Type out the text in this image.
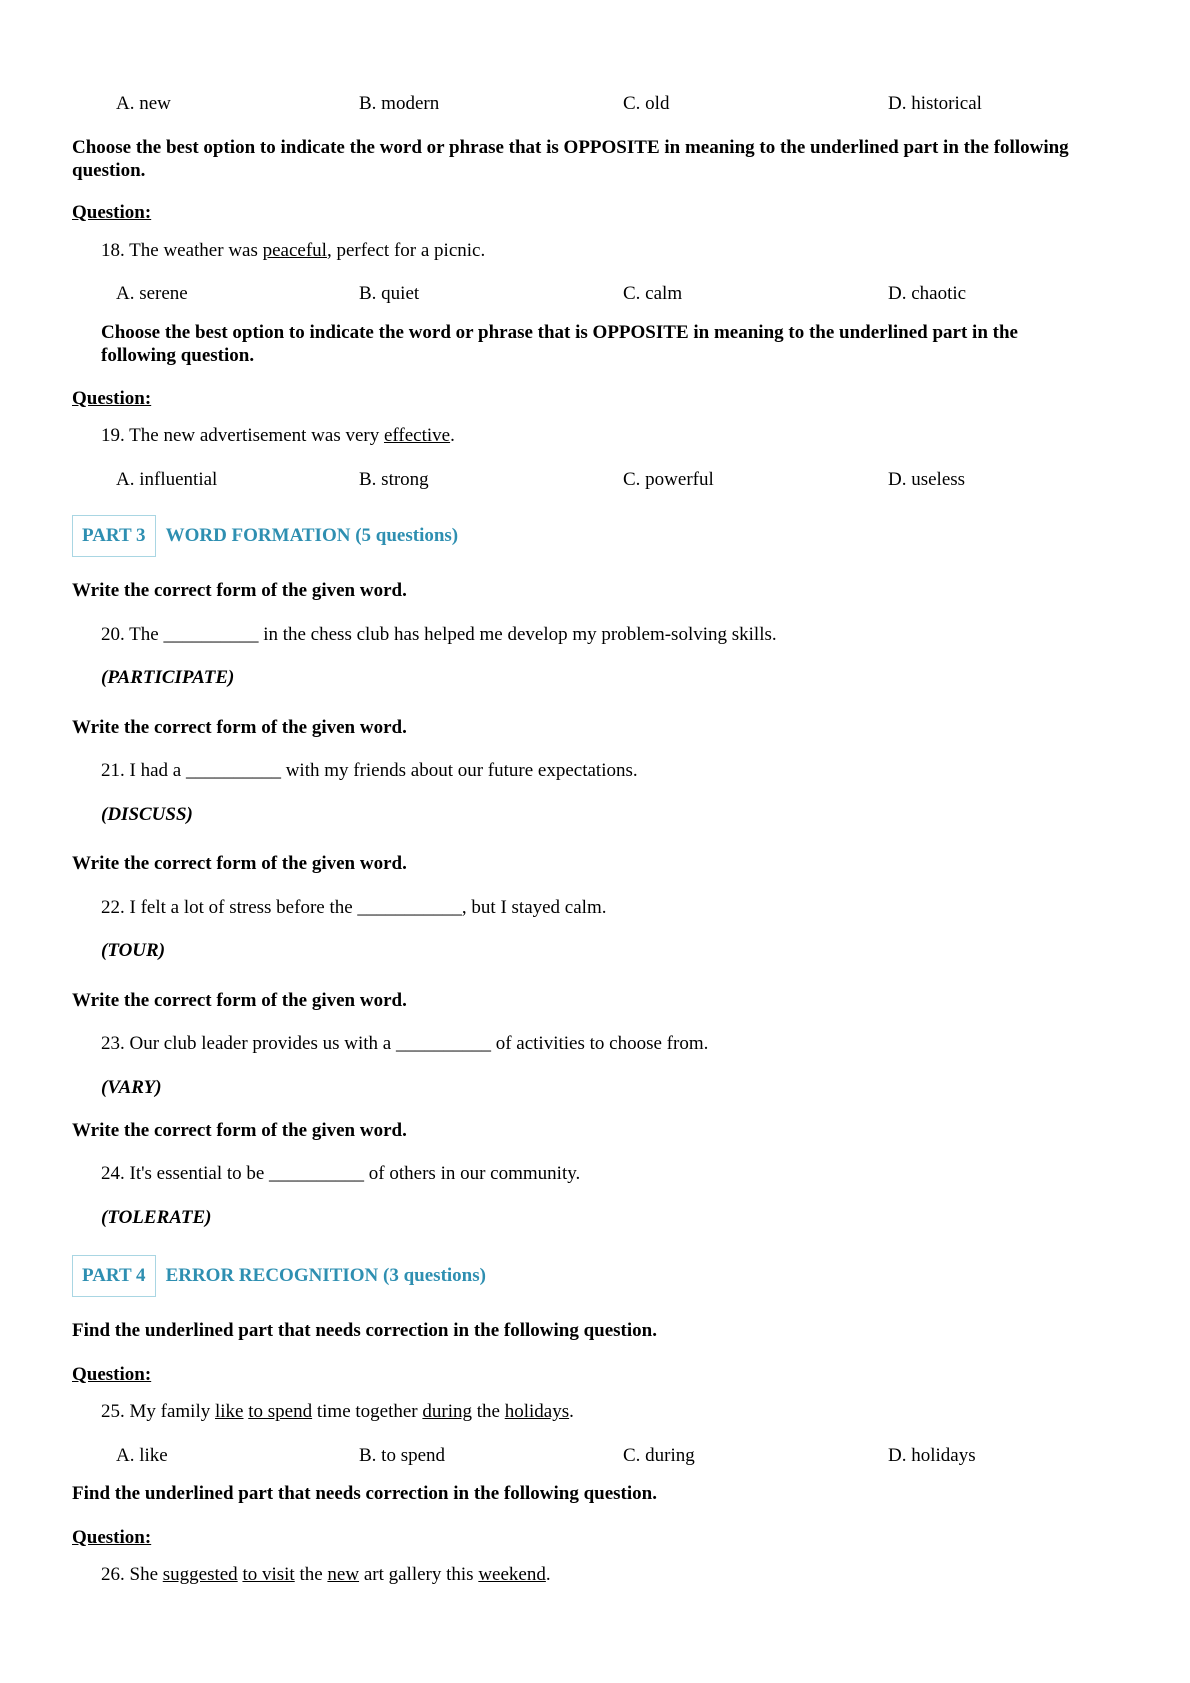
A. new	B. modern	C. old	D. historical
Choose the best option to indicate the word or phrase that is OPPOSITE in meaning to the underlined part in the following question.
Question:
18. The weather was peaceful, perfect for a picnic.
A. serene	B. quiet	C. calm	D. chaotic
Choose the best option to indicate the word or phrase that is OPPOSITE in meaning to the underlined part in the following question.
Question:
19. The new advertisement was very effective.
A. influential	B. strong	C. powerful	D. useless
PART 3	WORD FORMATION (5 questions)
Write the correct form of the given word.
20. The __________ in the chess club has helped me develop my problem-solving skills.
(PARTICIPATE)
Write the correct form of the given word.
21. I had a __________ with my friends about our future expectations.
(DISCUSS)
Write the correct form of the given word.
22. I felt a lot of stress before the ___________, but I stayed calm.
(TOUR)
Write the correct form of the given word.
23. Our club leader provides us with a __________ of activities to choose from.
(VARY)
Write the correct form of the given word.
24. It's essential to be __________ of others in our community.
(TOLERATE)
PART 4	ERROR RECOGNITION (3 questions)
Find the underlined part that needs correction in the following question.
Question:
25. My family like to spend time together during the holidays.
A. like	B. to spend	C. during	D. holidays
Find the underlined part that needs correction in the following question.
Question:
26. She suggested to visit the new art gallery this weekend.
